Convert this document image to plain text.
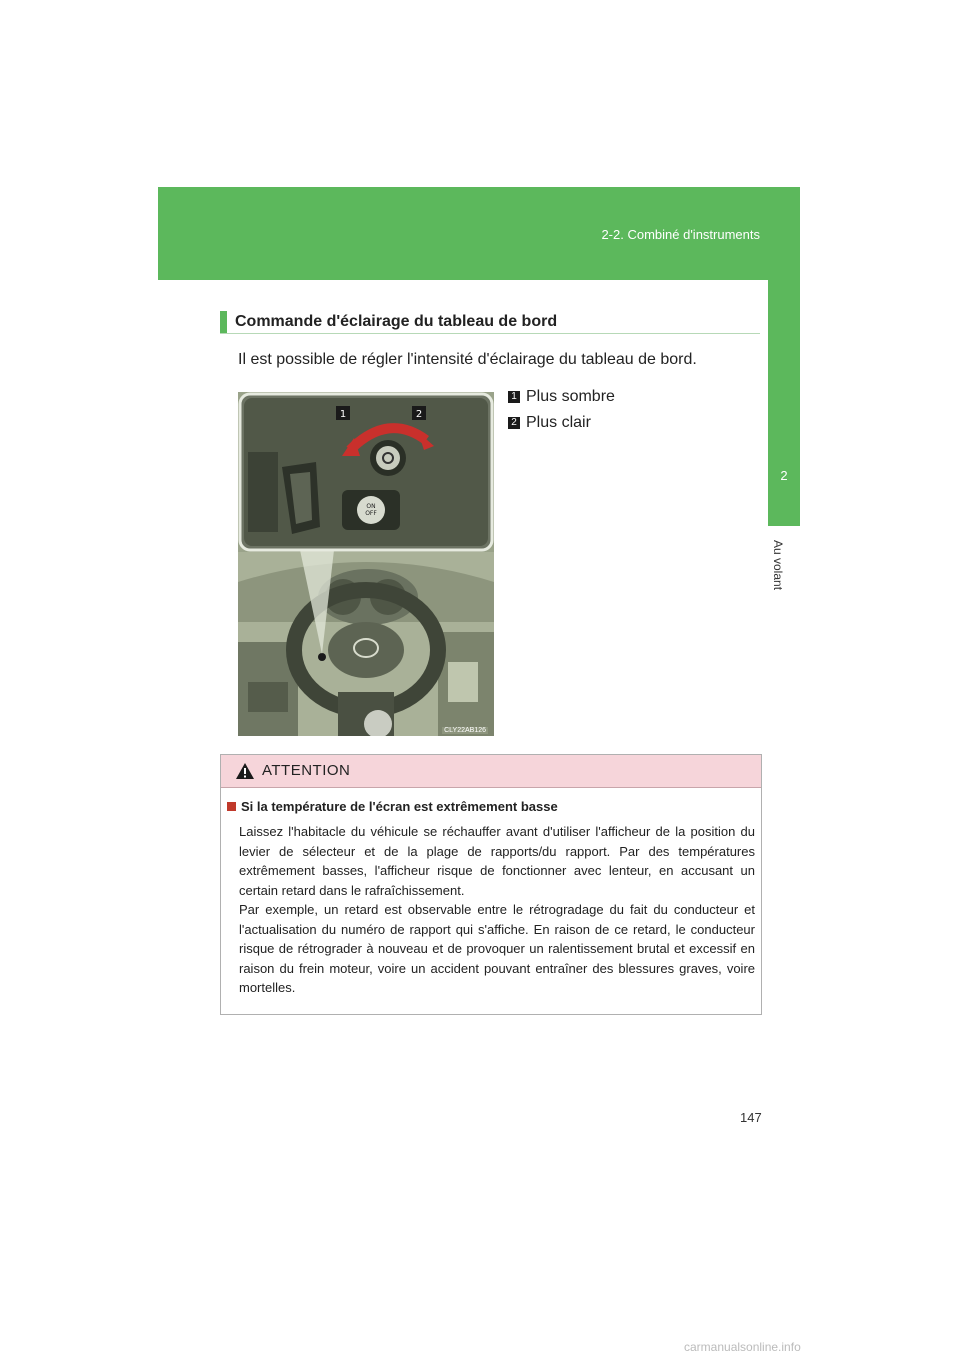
2-2. Combiné d'instruments
2
Au volant
Commande d'éclairage du tableau de bord
Il est possible de régler l'intensité d'éclairage du tableau de bord.
ON
OFF
1	2
CLY22AB126
1 Plus sombre
2 Plus clair
ATTENTION
Si la température de l'écran est extrêmement basse

Laissez l'habitacle du véhicule se réchauffer avant d'utiliser l'afficheur de la position du levier de sélecteur et de la plage de rapports/du rapport. Par des températures extrêmement basses, l'afficheur risque de fonctionner avec lenteur, en accusant un certain retard dans le rafraîchissement.

Par exemple, un retard est observable entre le rétrogradage du fait du conducteur et l'actualisation du numéro de rapport qui s'affiche. En raison de ce retard, le conducteur risque de rétrograder à nouveau et de provoquer un ralentissement brutal et excessif en raison du frein moteur, voire un accident pouvant entraîner des blessures graves, voire mortelles.

147
carmanualsonline.info
